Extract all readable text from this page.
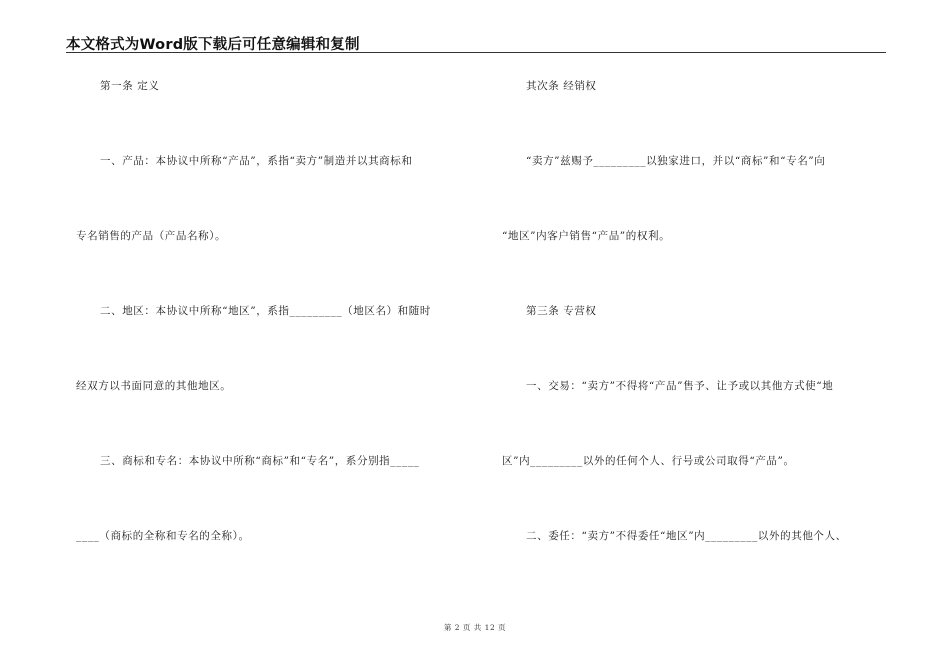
本文格式为Word版下载后可任意编辑和复制
第一条 定义
一、产品：本协议中所称“产品”，系指“卖方”制造并以其商标和
专名销售的产品（产品名称）。
二、地区：本协议中所称“地区”，系指_________（地区名）和随时
经双方以书面同意的其他地区。
三、商标和专名：本协议中所称“商标”和“专名”，系分别指_____
____（商标的全称和专名的全称）。
其次条 经销权
“卖方”兹赐予_________以独家进口，并以“商标”和“专名”向
“地区”内客户销售“产品”的权利。
第三条 专营权
一、交易：“卖方”不得将“产品”售予、让予或以其他方式使“地
区”内_________以外的任何个人、行号或公司取得“产品”。
二、委任：“卖方”不得委任“地区”内_________以外的其他个人、
第 2 页 共 12 页
